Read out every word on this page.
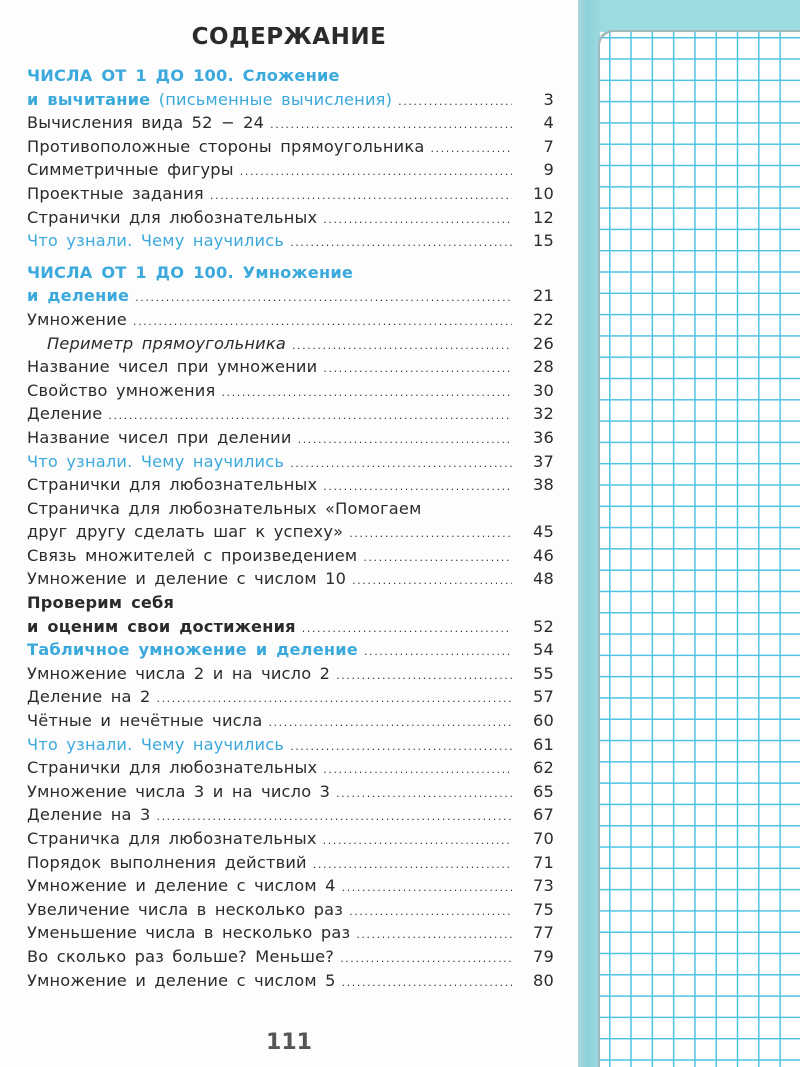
СОДЕРЖАНИЕ
ЧИСЛА ОТ 1 ДО 100. Сложение
и вычитание (письменные вычисления) .....	3
Вычисления вида 52 − 24 .....	4
Противоположные стороны прямоугольника .....	7
Симметричные фигуры .....	9
Проектные задания .....	10
Странички для любознательных .....	12
Что узнали. Чему научились .....	15
ЧИСЛА ОТ 1 ДО 100. Умножение
и деление .....	21
Умножение .....	22
Периметр прямоугольника .....	26
Название чисел при умножении .....	28
Свойство умножения .....	30
Деление .....	32
Название чисел при делении .....	36
Что узнали. Чему научились .....	37
Странички для любознательных .....	38
Страничка для любознательных «Помогаем
друг другу сделать шаг к успеху» .....	45
Связь множителей с произведением .....	46
Умножение и деление с числом 10 .....	48
Проверим себя
и оценим свои достижения .....	52
Табличное умножение и деление .....	54
Умножение числа 2 и на число 2 .....	55
Деление на 2 .....	57
Чётные и нечётные числа .....	60
Что узнали. Чему научились .....	61
Странички для любознательных .....	62
Умножение числа 3 и на число 3 .....	65
Деление на 3 .....	67
Страничка для любознательных .....	70
Порядок выполнения действий .....	71
Умножение и деление с числом 4 .....	73
Увеличение числа в несколько раз .....	75
Уменьшение числа в несколько раз .....	77
Во сколько раз больше? Меньше? .....	79
Умножение и деление с числом 5 .....	80
111
